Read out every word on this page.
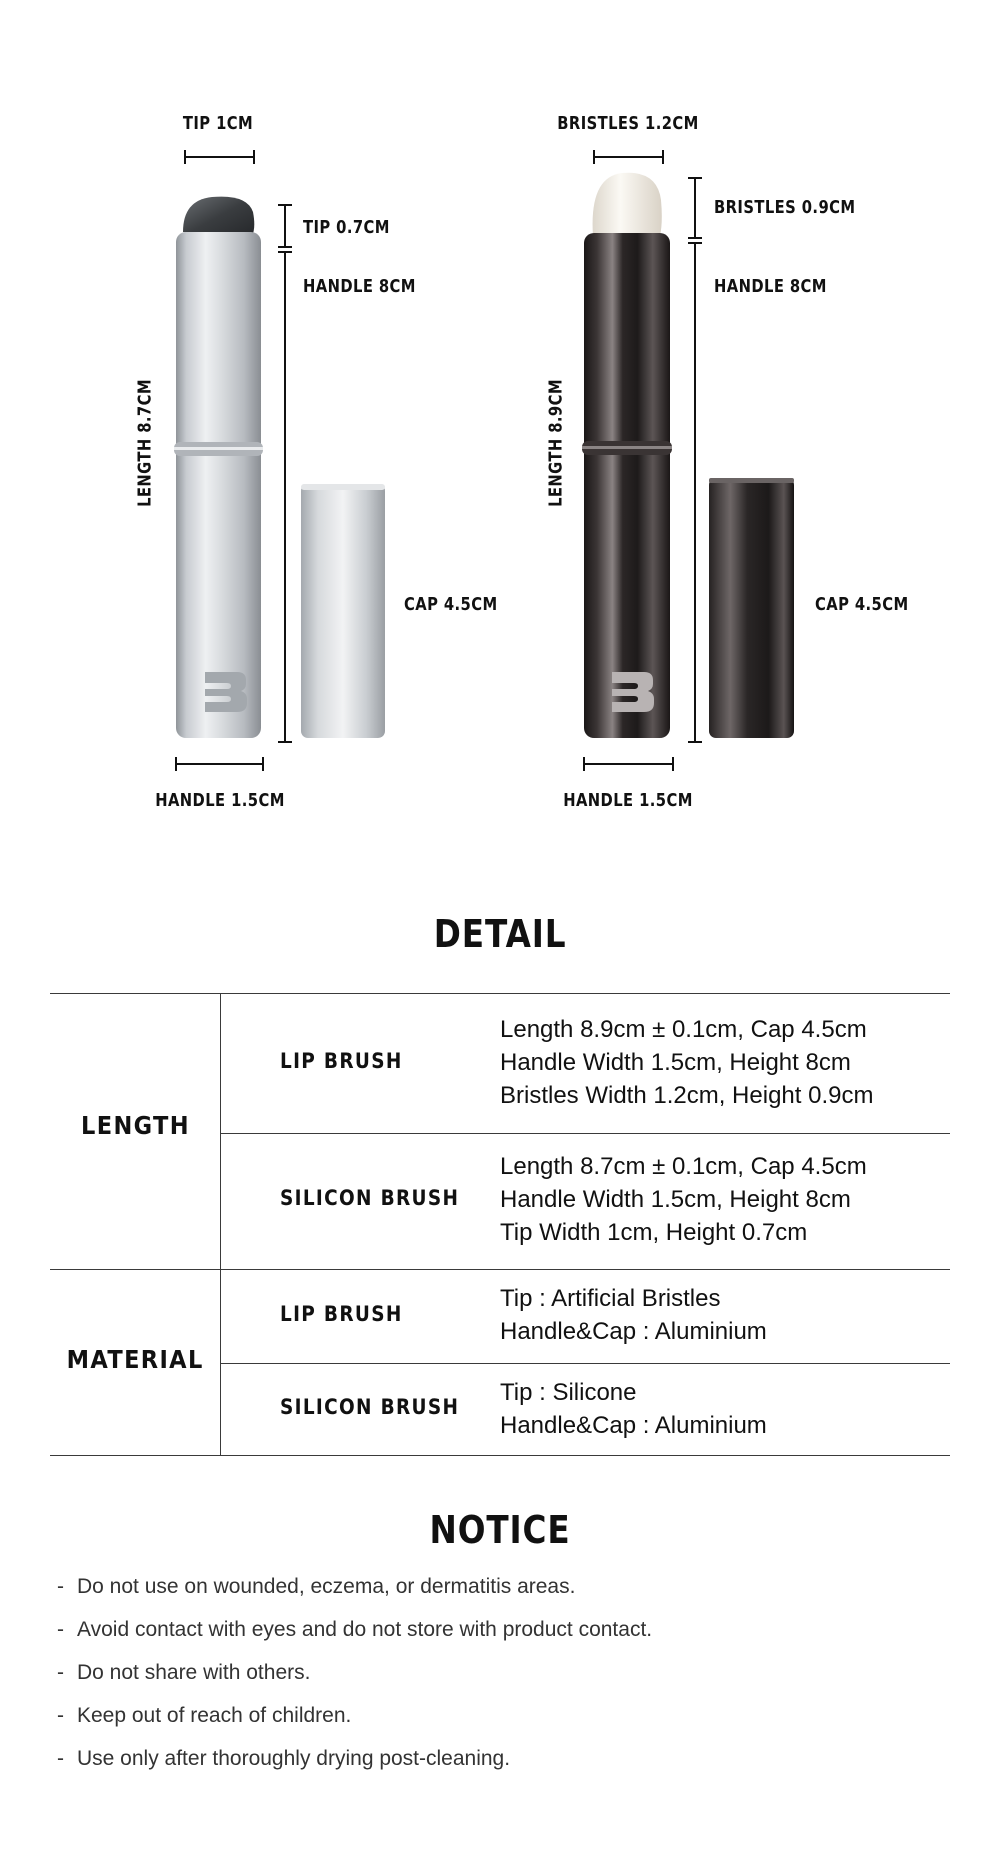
TIP 1CM
TIP 0.7CM
HANDLE 8CM
LENGTH 8.7CM
CAP 4.5CM
HANDLE 1.5CM
BRISTLES 1.2CM
BRISTLES 0.9CM
HANDLE 8CM
LENGTH 8.9CM
CAP 4.5CM
HANDLE 1.5CM
DETAIL
LENGTH
LIP BRUSH
Length 8.9cm ± 0.1cm, Cap 4.5cm
Handle Width 1.5cm, Height 8cm
Bristles Width 1.2cm, Height 0.9cm
SILICON BRUSH
Length 8.7cm ± 0.1cm, Cap 4.5cm
Handle Width 1.5cm, Height 8cm
Tip Width 1cm, Height 0.7cm
MATERIAL
LIP BRUSH
Tip : Artificial Bristles
Handle&Cap : Aluminium
SILICON BRUSH
Tip : Silicone
Handle&Cap : Aluminium
NOTICE
- Do not use on wounded, eczema, or dermatitis areas.
- Avoid contact with eyes and do not store with product contact.
- Do not share with others.
- Keep out of reach of children.
- Use only after thoroughly drying post-cleaning.
